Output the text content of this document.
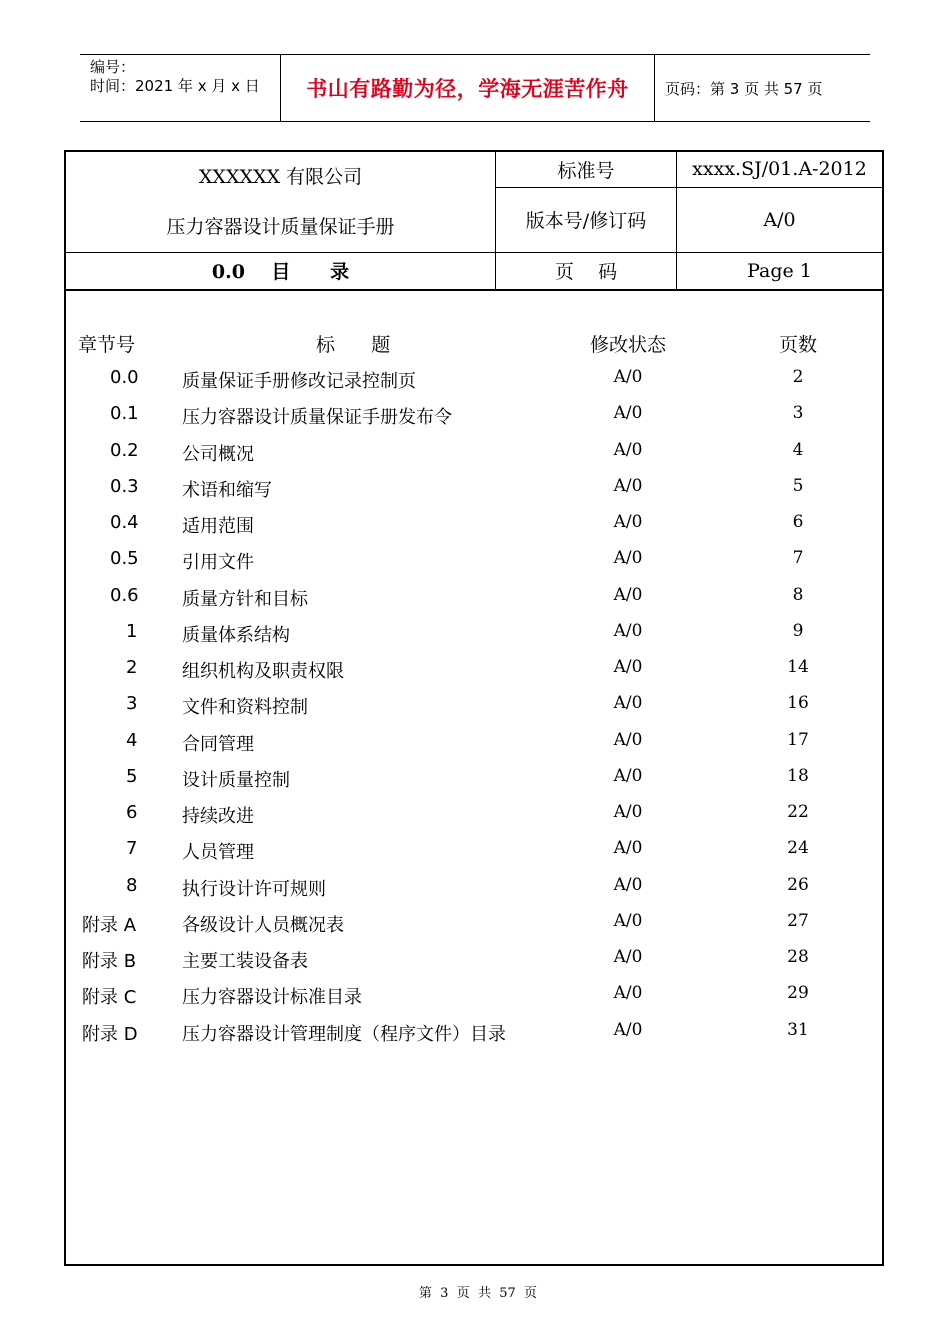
编号：
时间：2021 年 x 月 x 日	书山有路勤为径，学海无涯苦作舟	页码：第 3 页 共 57 页
XXXXXX 有限公司
压力容器设计质量保证手册	标准号	xxxx.SJ/01.A-2012
	版本号/修订码	A/0
0.0    目      录	页    码	Page 1
章节号	标      题	修改状态	页数
0.0 质量保证手册修改记录控制页	A/0	2
0.1 压力容器设计质量保证手册发布令	A/0	3
0.2 公司概况	A/0	4
0.3 术语和缩写	A/0	5
0.4 适用范围	A/0	6
0.5 引用文件	A/0	7
0.6 质量方针和目标	A/0	8
1 质量体系结构	A/0	9
2 组织机构及职责权限	A/0	14
3 文件和资料控制	A/0	16
4 合同管理	A/0	17
5 设计质量控制	A/0	18
6 持续改进	A/0	22
7 人员管理	A/0	24
8 执行设计许可规则	A/0	26
附录 A	各级设计人员概况表	A/0	27
附录 B	主要工装设备表	A/0	28
附录 C	压力容器设计标准目录	A/0	29
附录 D 压力容器设计管理制度（程序文件）目录	A/0	31
第  3  页  共  57  页
